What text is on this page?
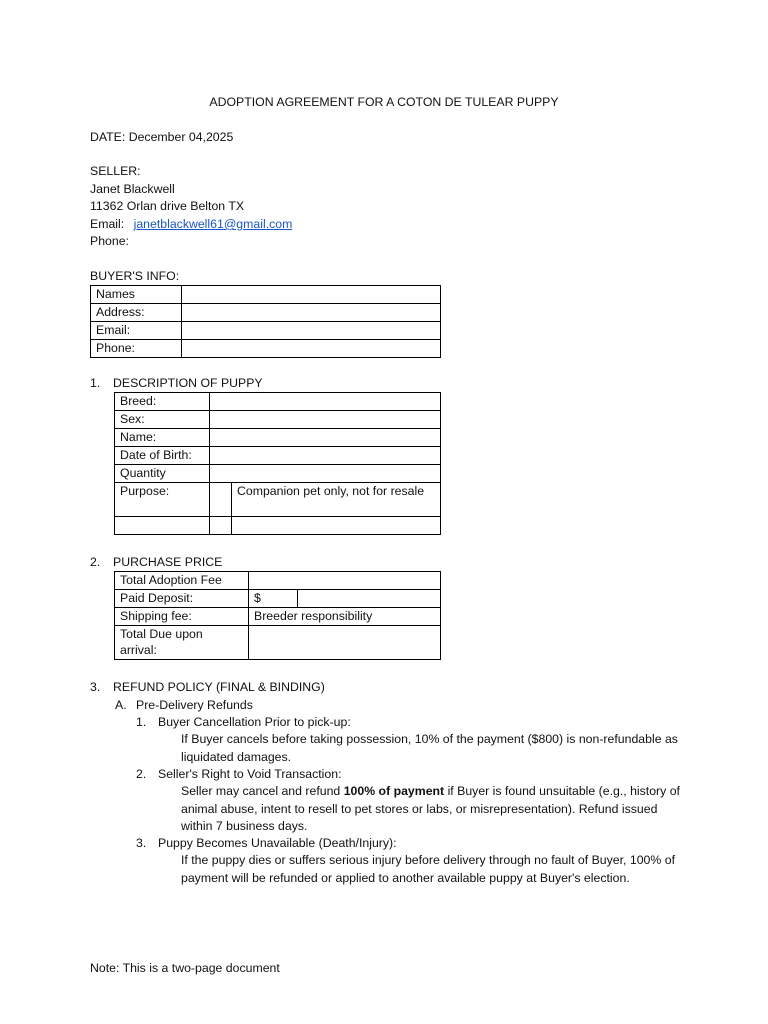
ADOPTION AGREEMENT FOR A COTON DE TULEAR PUPPY
DATE: December 04,2025
SELLER:
Janet Blackwell
11362 Orlan drive Belton TX
Email: janetblackwell61@gmail.com
Phone:
BUYER'S INFO:
Names	
Address:	
Email:	
Phone:	
1. DESCRIPTION OF PUPPY
Breed:		
Sex:		
Name:		
Date of Birth:		
Quantity		
Purpose:		Companion pet only, not for resale

2. PURCHASE PRICE
Total Adoption Fee		
Paid Deposit:	$	
Shipping fee:	Breeder responsibility	
Total Due upon arrival:		
3. REFUND POLICY (FINAL & BINDING)
A. Pre-Delivery Refunds
1. Buyer Cancellation Prior to pick-up:
If Buyer cancels before taking possession, 10% of the payment ($800) is non-refundable as liquidated damages.
2. Seller's Right to Void Transaction:
Seller may cancel and refund 100% of payment if Buyer is found unsuitable (e.g., history of animal abuse, intent to resell to pet stores or labs, or misrepresentation). Refund issued within 7 business days.
3. Puppy Becomes Unavailable (Death/Injury):
If the puppy dies or suffers serious injury before delivery through no fault of Buyer, 100% of payment will be refunded or applied to another available puppy at Buyer's election.
Note: This is a two-page document
